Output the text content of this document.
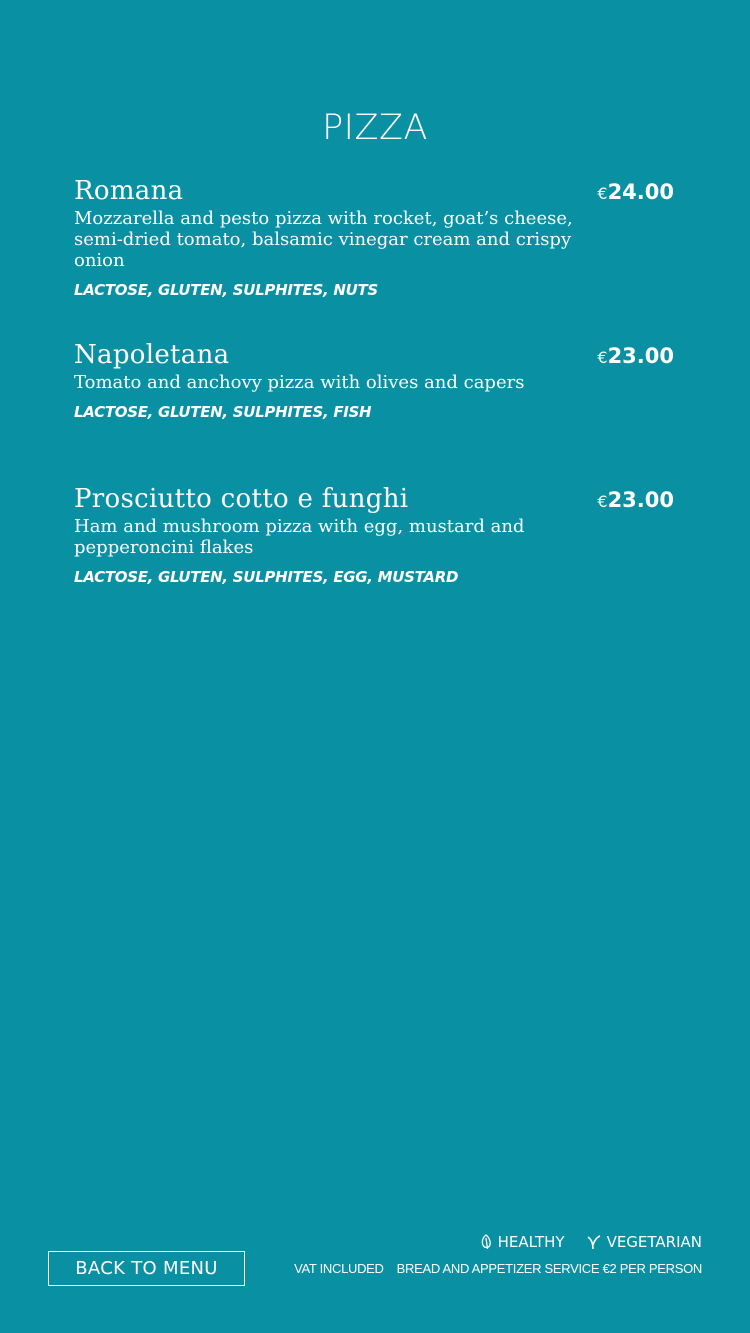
PIZZA
Romana
Mozzarella and pesto pizza with rocket, goat’s cheese, semi-dried tomato, balsamic vinegar cream and crispy onion
LACTOSE, GLUTEN, SULPHITES, NUTS
€24.00
Napoletana
Tomato and anchovy pizza with olives and capers
LACTOSE, GLUTEN, SULPHITES, FISH
€23.00
Prosciutto cotto e funghi
Ham and mushroom pizza with egg, mustard and pepperoncini flakes
LACTOSE, GLUTEN, SULPHITES, EGG, MUSTARD
€23.00
BACK TO MENU
HEALTHY	VEGETARIAN
VAT INCLUDED BREAD AND APPETIZER SERVICE €2 PER PERSON
